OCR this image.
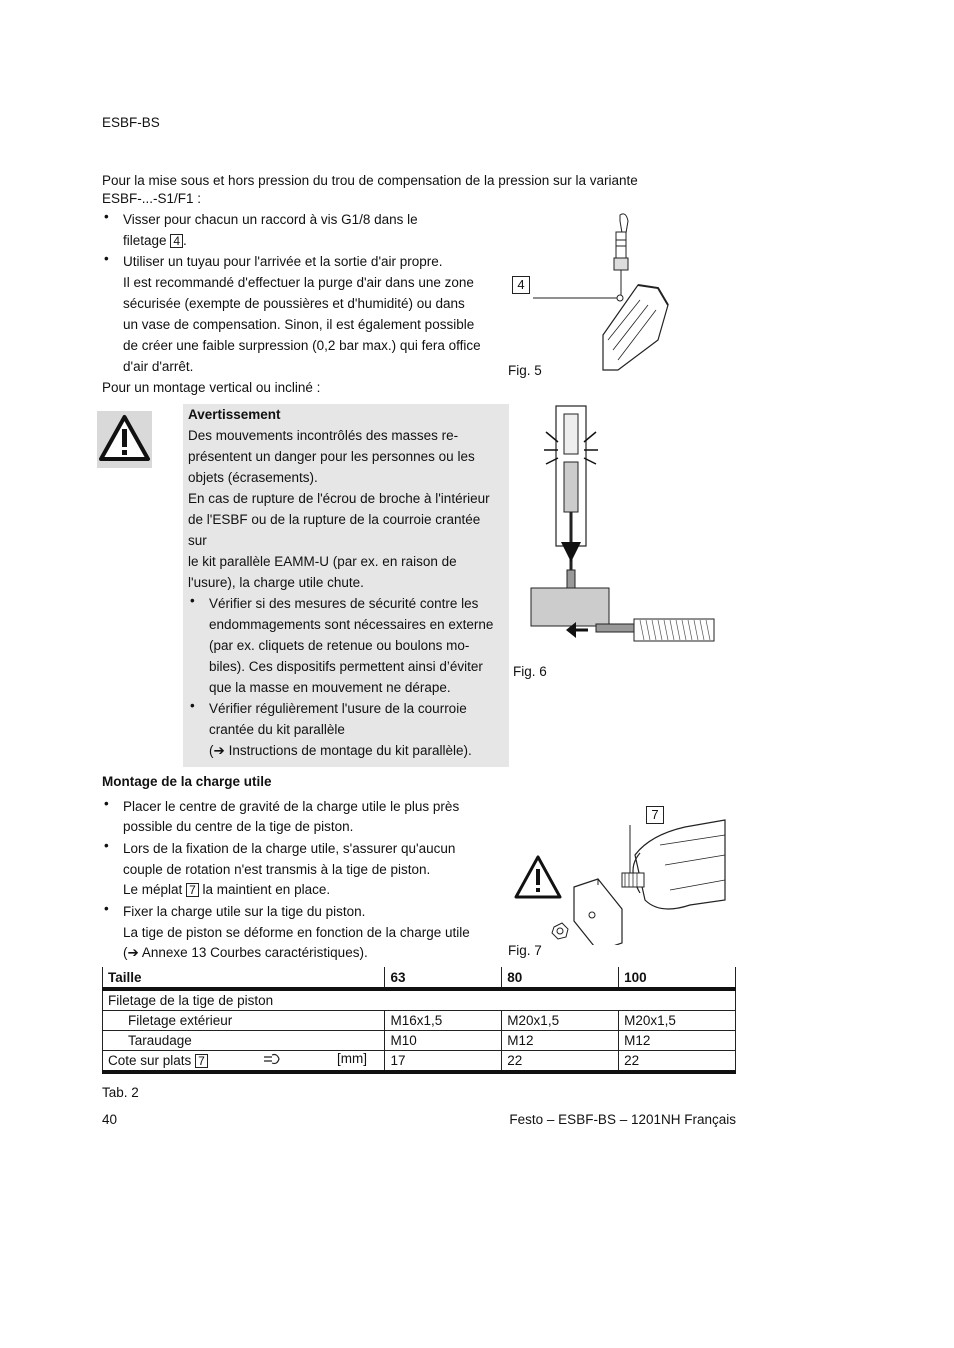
ESBF-BS
Pour la mise sous et hors pression du trou de compensation de la pression sur la variante
ESBF-...-S1/F1 :
• Visser pour chacun un raccord à vis G1/8 dans le
filetage 4 .
• Utiliser un tuyau pour l'arrivée et la sortie d'air propre.
Il est recommandé d'effectuer la purge d'air dans une zone
sécurisée (exempte de poussières et d'humidité) ou dans
un vase de compensation. Sinon, il est également possible
de créer une faible surpression (0,2 bar max.) qui fera office
d'air d'arrêt.
Pour un montage vertical ou incliné :
4
Fig. 5
Avertissement
Des mouvements incontrôlés des masses re-
présentent un danger pour les personnes ou les
objets (écrasements).
En cas de rupture de l'écrou de broche à l'intérieur
de l'ESBF ou de la rupture de la courroie crantée
sur
le kit parallèle EAMM-U (par ex. en raison de
l'usure), la charge utile chute.
• Vérifier si des mesures de sécurité contre les
endommagements sont nécessaires en externe
(par ex. cliquets de retenue ou boulons mo-
biles). Ces dispositifs permettent ainsi d’éviter
que la masse en mouvement ne dérape.
• Vérifier régulièrement l'usure de la courroie
crantée du kit parallèle
(➔ Instructions de montage du kit parallèle).
Fig. 6
Montage de la charge utile
• Placer le centre de gravité de la charge utile le plus près
possible du centre de la tige de piston.
• Lors de la fixation de la charge utile, s'assurer qu'aucun
couple de rotation n'est transmis à la tige de piston.
Le méplat 7 la maintient en place.
• Fixer la charge utile sur la tige du piston.
La tige de piston se déforme en fonction de la charge utile
(➔ Annexe 13 Courbes caractéristiques).
7
Fig. 7
Taille	63	80	100
Filetage de la tige de piston			
Filetage extérieur	M16x1,5	M20x1,5	M20x1,5
Taraudage	M10	M12	M12
Cote sur plats 7 [mm]	17	22	22
Tab. 2
40	Festo – ESBF-BS – 1201NH Français
